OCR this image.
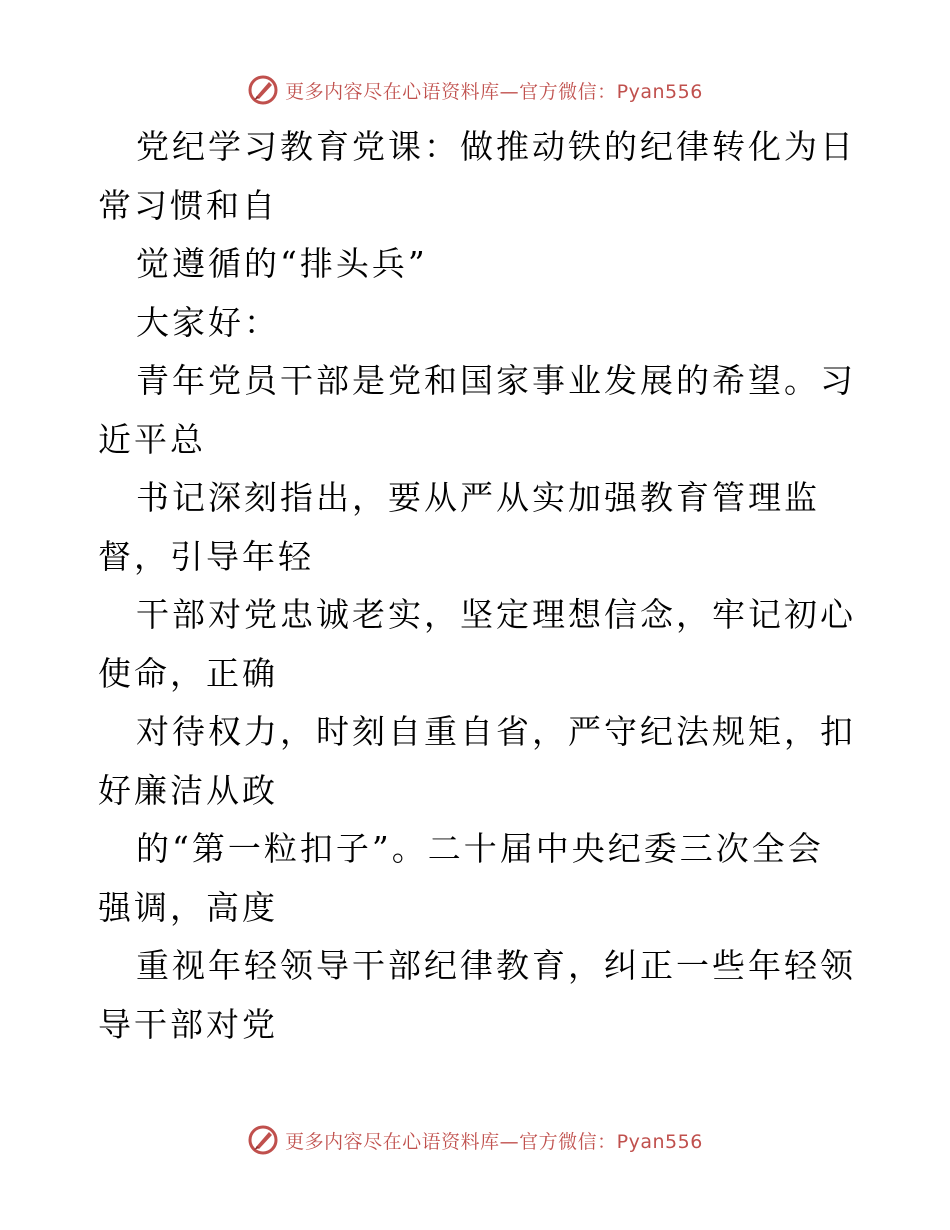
更多内容尽在心语资料库—官方微信：Pyan556

党纪学习教育党课：做推动铁的纪律转化为日常习惯和自

觉遵循的“排头兵”

大家好：

青年党员干部是党和国家事业发展的希望。习近平总

书记深刻指出，要从严从实加强教育管理监督，引导年轻

干部对党忠诚老实，坚定理想信念，牢记初心使命，正确

对待权力，时刻自重自省，严守纪法规矩，扣好廉洁从政

的“第一粒扣子”。二十届中央纪委三次全会强调，高度

重视年轻领导干部纪律教育，纠正一些年轻领导干部对党

更多内容尽在心语资料库—官方微信：Pyan556
